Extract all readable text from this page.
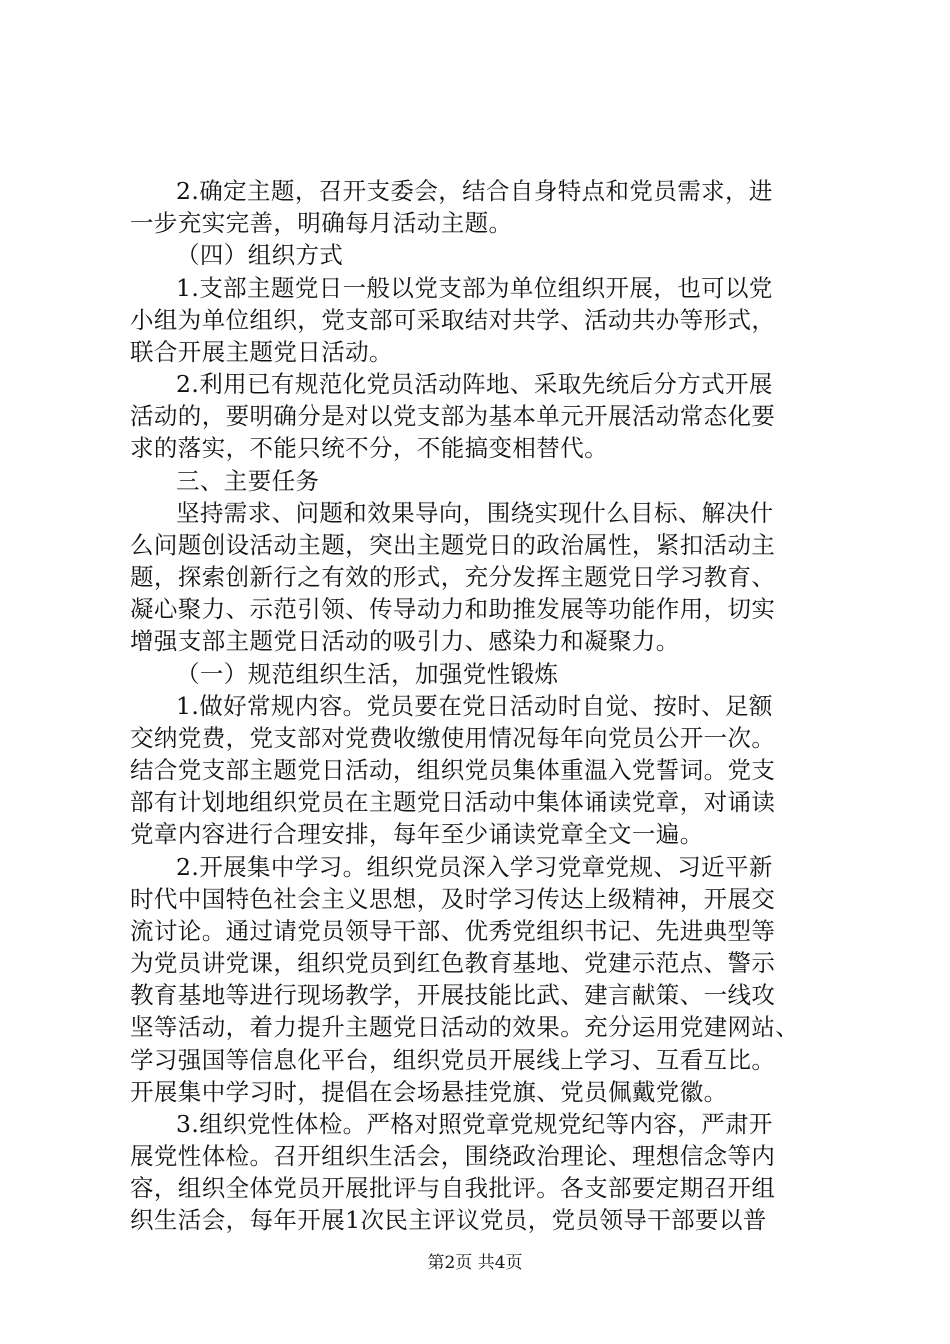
2.确定主题，召开支委会，结合自身特点和党员需求，进
一步充实完善，明确每月活动主题。
（四）组织方式
1.支部主题党日一般以党支部为单位组织开展，也可以党
小组为单位组织，党支部可采取结对共学、活动共办等形式，
联合开展主题党日活动。
2.利用已有规范化党员活动阵地、采取先统后分方式开展
活动的，要明确分是对以党支部为基本单元开展活动常态化要
求的落实，不能只统不分，不能搞变相替代。
三、主要任务
坚持需求、问题和效果导向，围绕实现什么目标、解决什
么问题创设活动主题，突出主题党日的政治属性，紧扣活动主
题，探索创新行之有效的形式，充分发挥主题党日学习教育、
凝心聚力、示范引领、传导动力和助推发展等功能作用，切实
增强支部主题党日活动的吸引力、感染力和凝聚力。
（一）规范组织生活，加强党性锻炼
1.做好常规内容。党员要在党日活动时自觉、按时、足额
交纳党费，党支部对党费收缴使用情况每年向党员公开一次。
结合党支部主题党日活动，组织党员集体重温入党誓词。党支
部有计划地组织党员在主题党日活动中集体诵读党章，对诵读
党章内容进行合理安排，每年至少诵读党章全文一遍。
2.开展集中学习。组织党员深入学习党章党规、习近平新
时代中国特色社会主义思想，及时学习传达上级精神，开展交
流讨论。通过请党员领导干部、优秀党组织书记、先进典型等
为党员讲党课，组织党员到红色教育基地、党建示范点、警示
教育基地等进行现场教学，开展技能比武、建言献策、一线攻
坚等活动，着力提升主题党日活动的效果。充分运用党建网站、
学习强国等信息化平台，组织党员开展线上学习、互看互比。
开展集中学习时，提倡在会场悬挂党旗、党员佩戴党徽。
3.组织党性体检。严格对照党章党规党纪等内容，严肃开
展党性体检。召开组织生活会，围绕政治理论、理想信念等内
容，组织全体党员开展批评与自我批评。各支部要定期召开组
织生活会，每年开展1次民主评议党员，党员领导干部要以普
第2页 共4页
